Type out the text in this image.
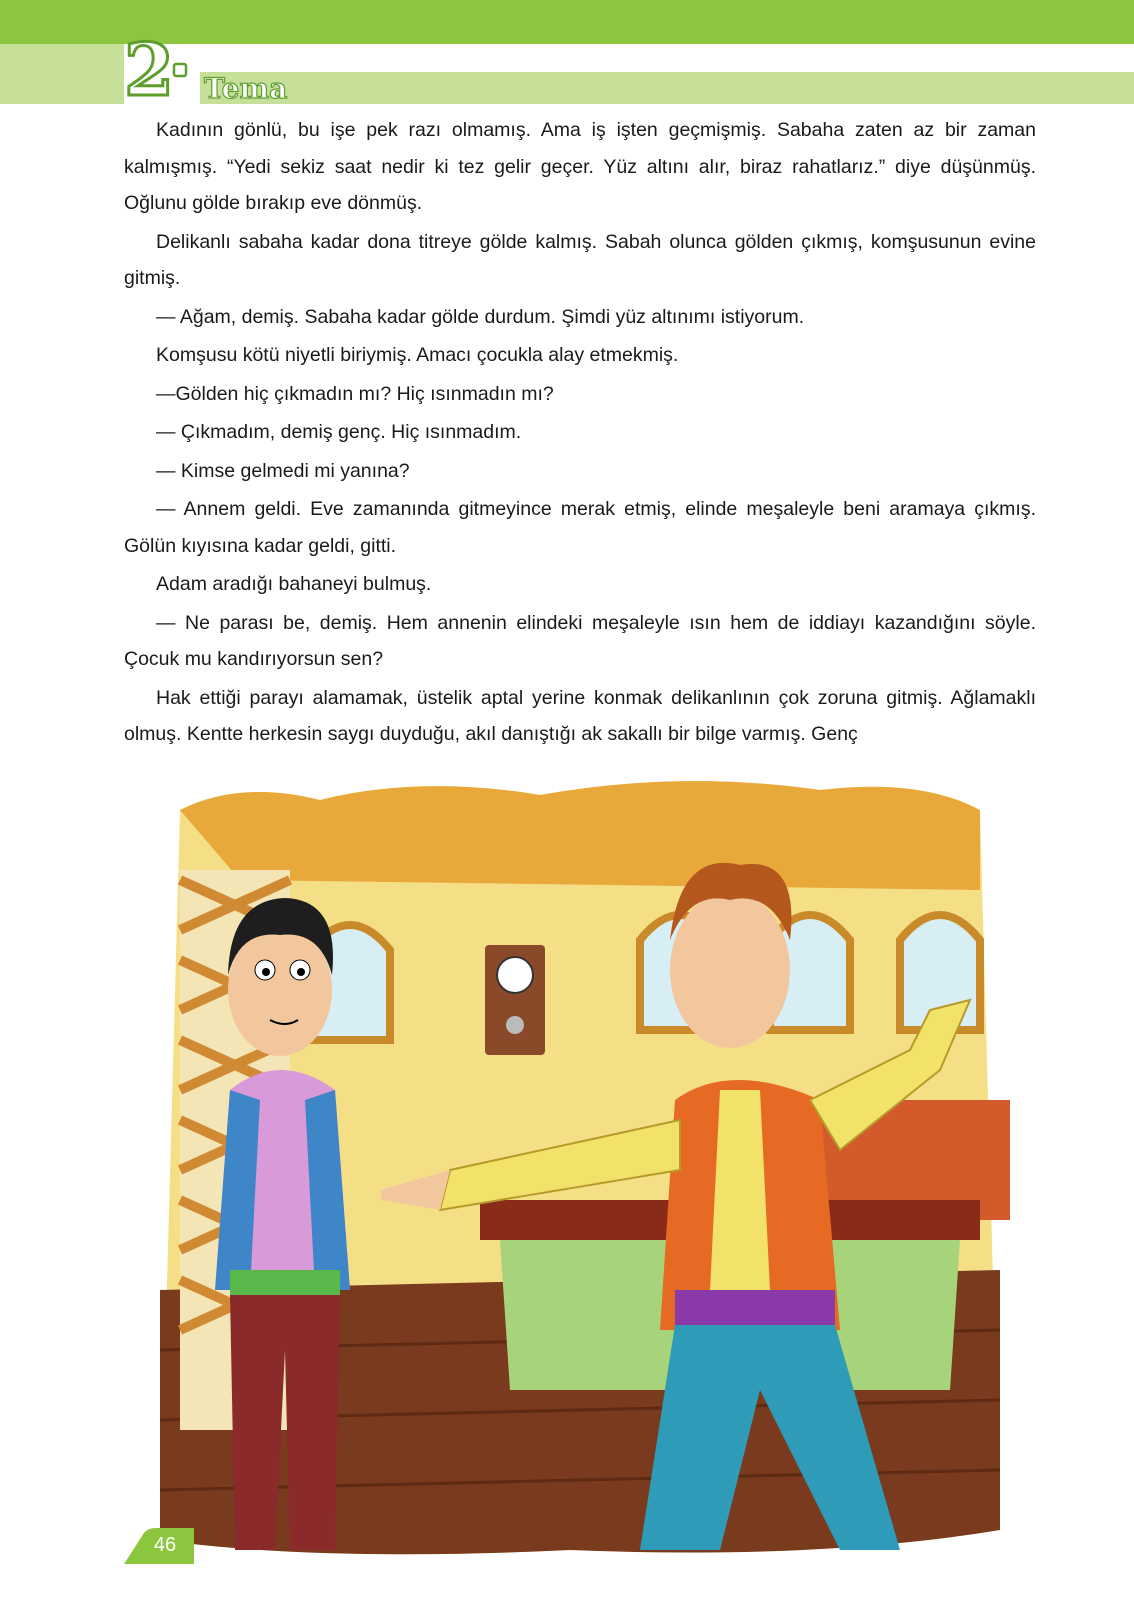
2 Tema

Kadının gönlü, bu işe pek razı olmamış. Ama iş işten geçmişmiş. Sabaha zaten az bir zaman kalmışmış. “Yedi sekiz saat nedir ki tez gelir geçer. Yüz altını alır, biraz rahatlarız.” diye düşünmüş. Oğlunu gölde bırakıp eve dönmüş.

Delikanlı sabaha kadar dona titreye gölde kalmış. Sabah olunca gölden çıkmış, komşusunun evine gitmiş.

— Ağam, demiş. Sabaha kadar gölde durdum. Şimdi yüz altınımı istiyorum.

Komşusu kötü niyetli biriymiş. Amacı çocukla alay etmekmiş.

—Gölden hiç çıkmadın mı? Hiç ısınmadın mı?

— Çıkmadım, demiş genç. Hiç ısınmadım.

— Kimse gelmedi mi yanına?

— Annem geldi. Eve zamanında gitmeyince merak etmiş, elinde meşaleyle beni aramaya çıkmış. Gölün kıyısına kadar geldi, gitti.

Adam aradığı bahaneyi bulmuş.

— Ne parası be, demiş. Hem annenin elindeki meşaleyle ısın hem de iddiayı kazandığını söyle. Çocuk mu kandırıyorsun sen?

Hak ettiği parayı alamamak, üstelik aptal yerine konmak delikanlının çok zoruna gitmiş. Ağlamaklı olmuş. Kentte herkesin saygı duyduğu, akıl danıştığı ak sakallı bir bilge varmış. Genç

46
